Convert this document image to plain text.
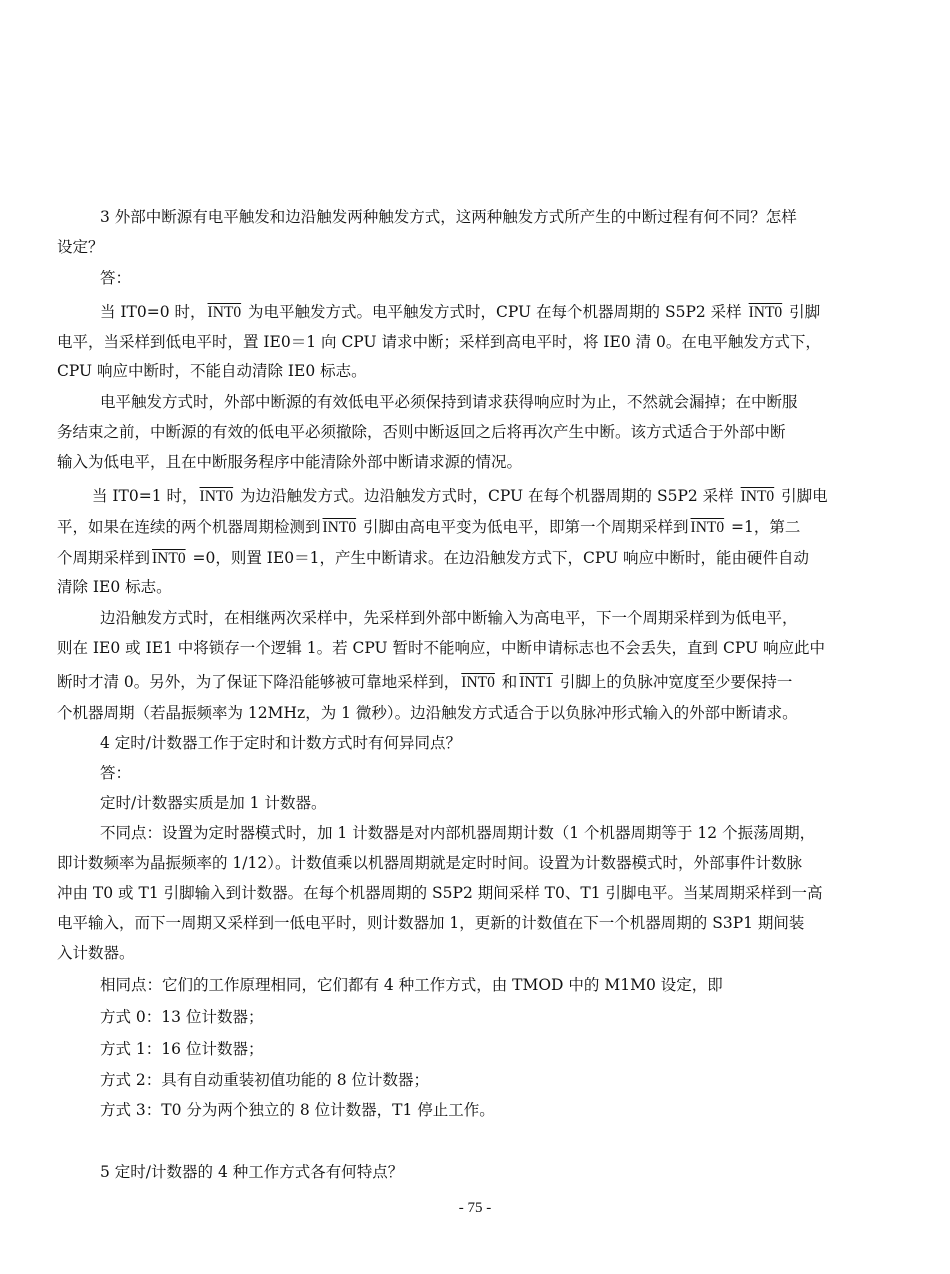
3 外部中断源有电平触发和边沿触发两种触发方式，这两种触发方式所产生的中断过程有何不同？怎样
设定？
答：
当 IT0=0 时， INT0 为电平触发方式。电平触发方式时，CPU 在每个机器周期的 S5P2 采样 INT0 引脚
电平，当采样到低电平时，置 IE0＝1 向 CPU 请求中断；采样到高电平时，将 IE0 清 0。在电平触发方式下，
CPU 响应中断时，不能自动清除 IE0 标志。
电平触发方式时，外部中断源的有效低电平必须保持到请求获得响应时为止，不然就会漏掉；在中断服
务结束之前，中断源的有效的低电平必须撤除，否则中断返回之后将再次产生中断。该方式适合于外部中断
输入为低电平，且在中断服务程序中能清除外部中断请求源的情况。
当 IT0=1 时， INT0 为边沿触发方式。边沿触发方式时，CPU 在每个机器周期的 S5P2 采样 INT0 引脚电
平，如果在连续的两个机器周期检测到 INT0 引脚由高电平变为低电平，即第一个周期采样到 INT0 =1，第二
个周期采样到 INT0 =0，则置 IE0＝1，产生中断请求。在边沿触发方式下，CPU 响应中断时，能由硬件自动
清除 IE0 标志。
边沿触发方式时，在相继两次采样中，先采样到外部中断输入为高电平，下一个周期采样到为低电平，
则在 IE0 或 IE1 中将锁存一个逻辑 1。若 CPU 暂时不能响应，中断申请标志也不会丢失，直到 CPU 响应此中
断时才清 0。另外，为了保证下降沿能够被可靠地采样到， INT0 和 INT1 引脚上的负脉冲宽度至少要保持一
个机器周期（若晶振频率为 12MHz，为 1 微秒）。边沿触发方式适合于以负脉冲形式输入的外部中断请求。
4 定时/计数器工作于定时和计数方式时有何异同点？
答：
定时/计数器实质是加 1 计数器。
不同点：设置为定时器模式时，加 1 计数器是对内部机器周期计数（1 个机器周期等于 12 个振荡周期，
即计数频率为晶振频率的 1/12）。计数值乘以机器周期就是定时时间。设置为计数器模式时，外部事件计数脉
冲由 T0 或 T1 引脚输入到计数器。在每个机器周期的 S5P2 期间采样 T0、T1 引脚电平。当某周期采样到一高
电平输入，而下一周期又采样到一低电平时，则计数器加 1，更新的计数值在下一个机器周期的 S3P1 期间装
入计数器。
相同点：它们的工作原理相同，它们都有 4 种工作方式，由 TMOD 中的 M1M0 设定，即
方式 0：13 位计数器；
方式 1：16 位计数器；
方式 2：具有自动重装初值功能的 8 位计数器；
方式 3：T0 分为两个独立的 8 位计数器，T1 停止工作。
5 定时/计数器的 4 种工作方式各有何特点？
- 75 -
